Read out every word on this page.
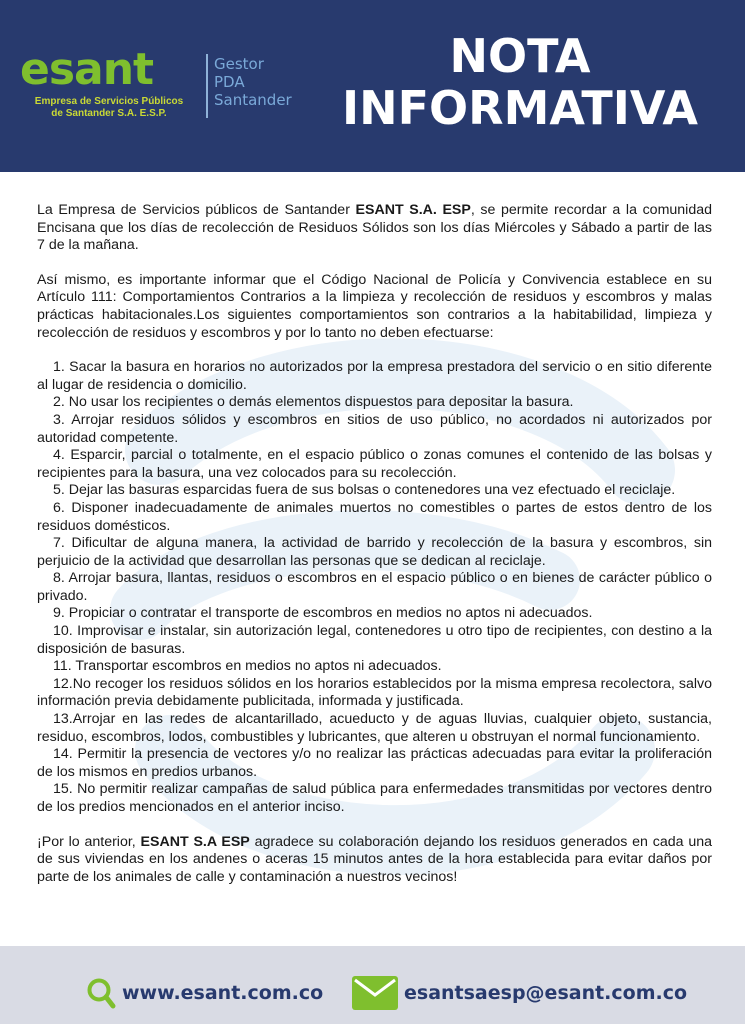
esant
Empresa de Servicios Públicos
de Santander S.A. E.S.P.
Gestor
PDA
Santander
NOTA
INFORMATIVA

La Empresa de Servicios públicos de Santander ESANT S.A. ESP, se permite recordar a la comunidad Encisana que los días de recolección de Residuos Sólidos son los días Miércoles y Sábado a partir de las 7 de la mañana.

Así mismo, es importante informar que el Código Nacional de Policía y Convivencia establece en su Artículo 111: Comportamientos Contrarios a la limpieza y recolección de residuos y escombros y malas prácticas habitacionales.Los siguientes comportamientos son contrarios a la habitabilidad, limpieza y recolección de residuos y escombros y por lo tanto no deben efectuarse:

1. Sacar la basura en horarios no autorizados por la empresa prestadora del servicio o en sitio diferente al lugar de residencia o domicilio.
2. No usar los recipientes o demás elementos dispuestos para depositar la basura.
3. Arrojar residuos sólidos y escombros en sitios de uso público, no acordados ni autorizados por autoridad competente.
4. Esparcir, parcial o totalmente, en el espacio público o zonas comunes el contenido de las bolsas y recipientes para la basura, una vez colocados para su recolección.
5. Dejar las basuras esparcidas fuera de sus bolsas o contenedores una vez efectuado el reciclaje.
6. Disponer inadecuadamente de animales muertos no comestibles o partes de estos dentro de los residuos domésticos.
7. Dificultar de alguna manera, la actividad de barrido y recolección de la basura y escombros, sin perjuicio de la actividad que desarrollan las personas que se dedican al reciclaje.
8. Arrojar basura, llantas, residuos o escombros en el espacio público o en bienes de carácter público o privado.
9. Propiciar o contratar el transporte de escombros en medios no aptos ni adecuados.
10. Improvisar e instalar, sin autorización legal, contenedores u otro tipo de recipientes, con destino a la disposición de basuras.
11. Transportar escombros en medios no aptos ni adecuados.
12.No recoger los residuos sólidos en los horarios establecidos por la misma empresa recolectora, salvo información previa debidamente publicitada, informada y justificada.
13.Arrojar en las redes de alcantarillado, acueducto y de aguas lluvias, cualquier objeto, sustancia, residuo, escombros, lodos, combustibles y lubricantes, que alteren u obstruyan el normal funcionamiento.
14. Permitir la presencia de vectores y/o no realizar las prácticas adecuadas para evitar la proliferación de los mismos en predios urbanos.
15. No permitir realizar campañas de salud pública para enfermedades transmitidas por vectores dentro de los predios mencionados en el anterior inciso.

¡Por lo anterior, ESANT S.A ESP agradece su colaboración dejando los residuos generados en cada una de sus viviendas en los andenes o aceras 15 minutos antes de la hora establecida para evitar daños por parte de los animales de calle y contaminación a nuestros vecinos!

www.esant.com.co	esantsaesp@esant.com.co
